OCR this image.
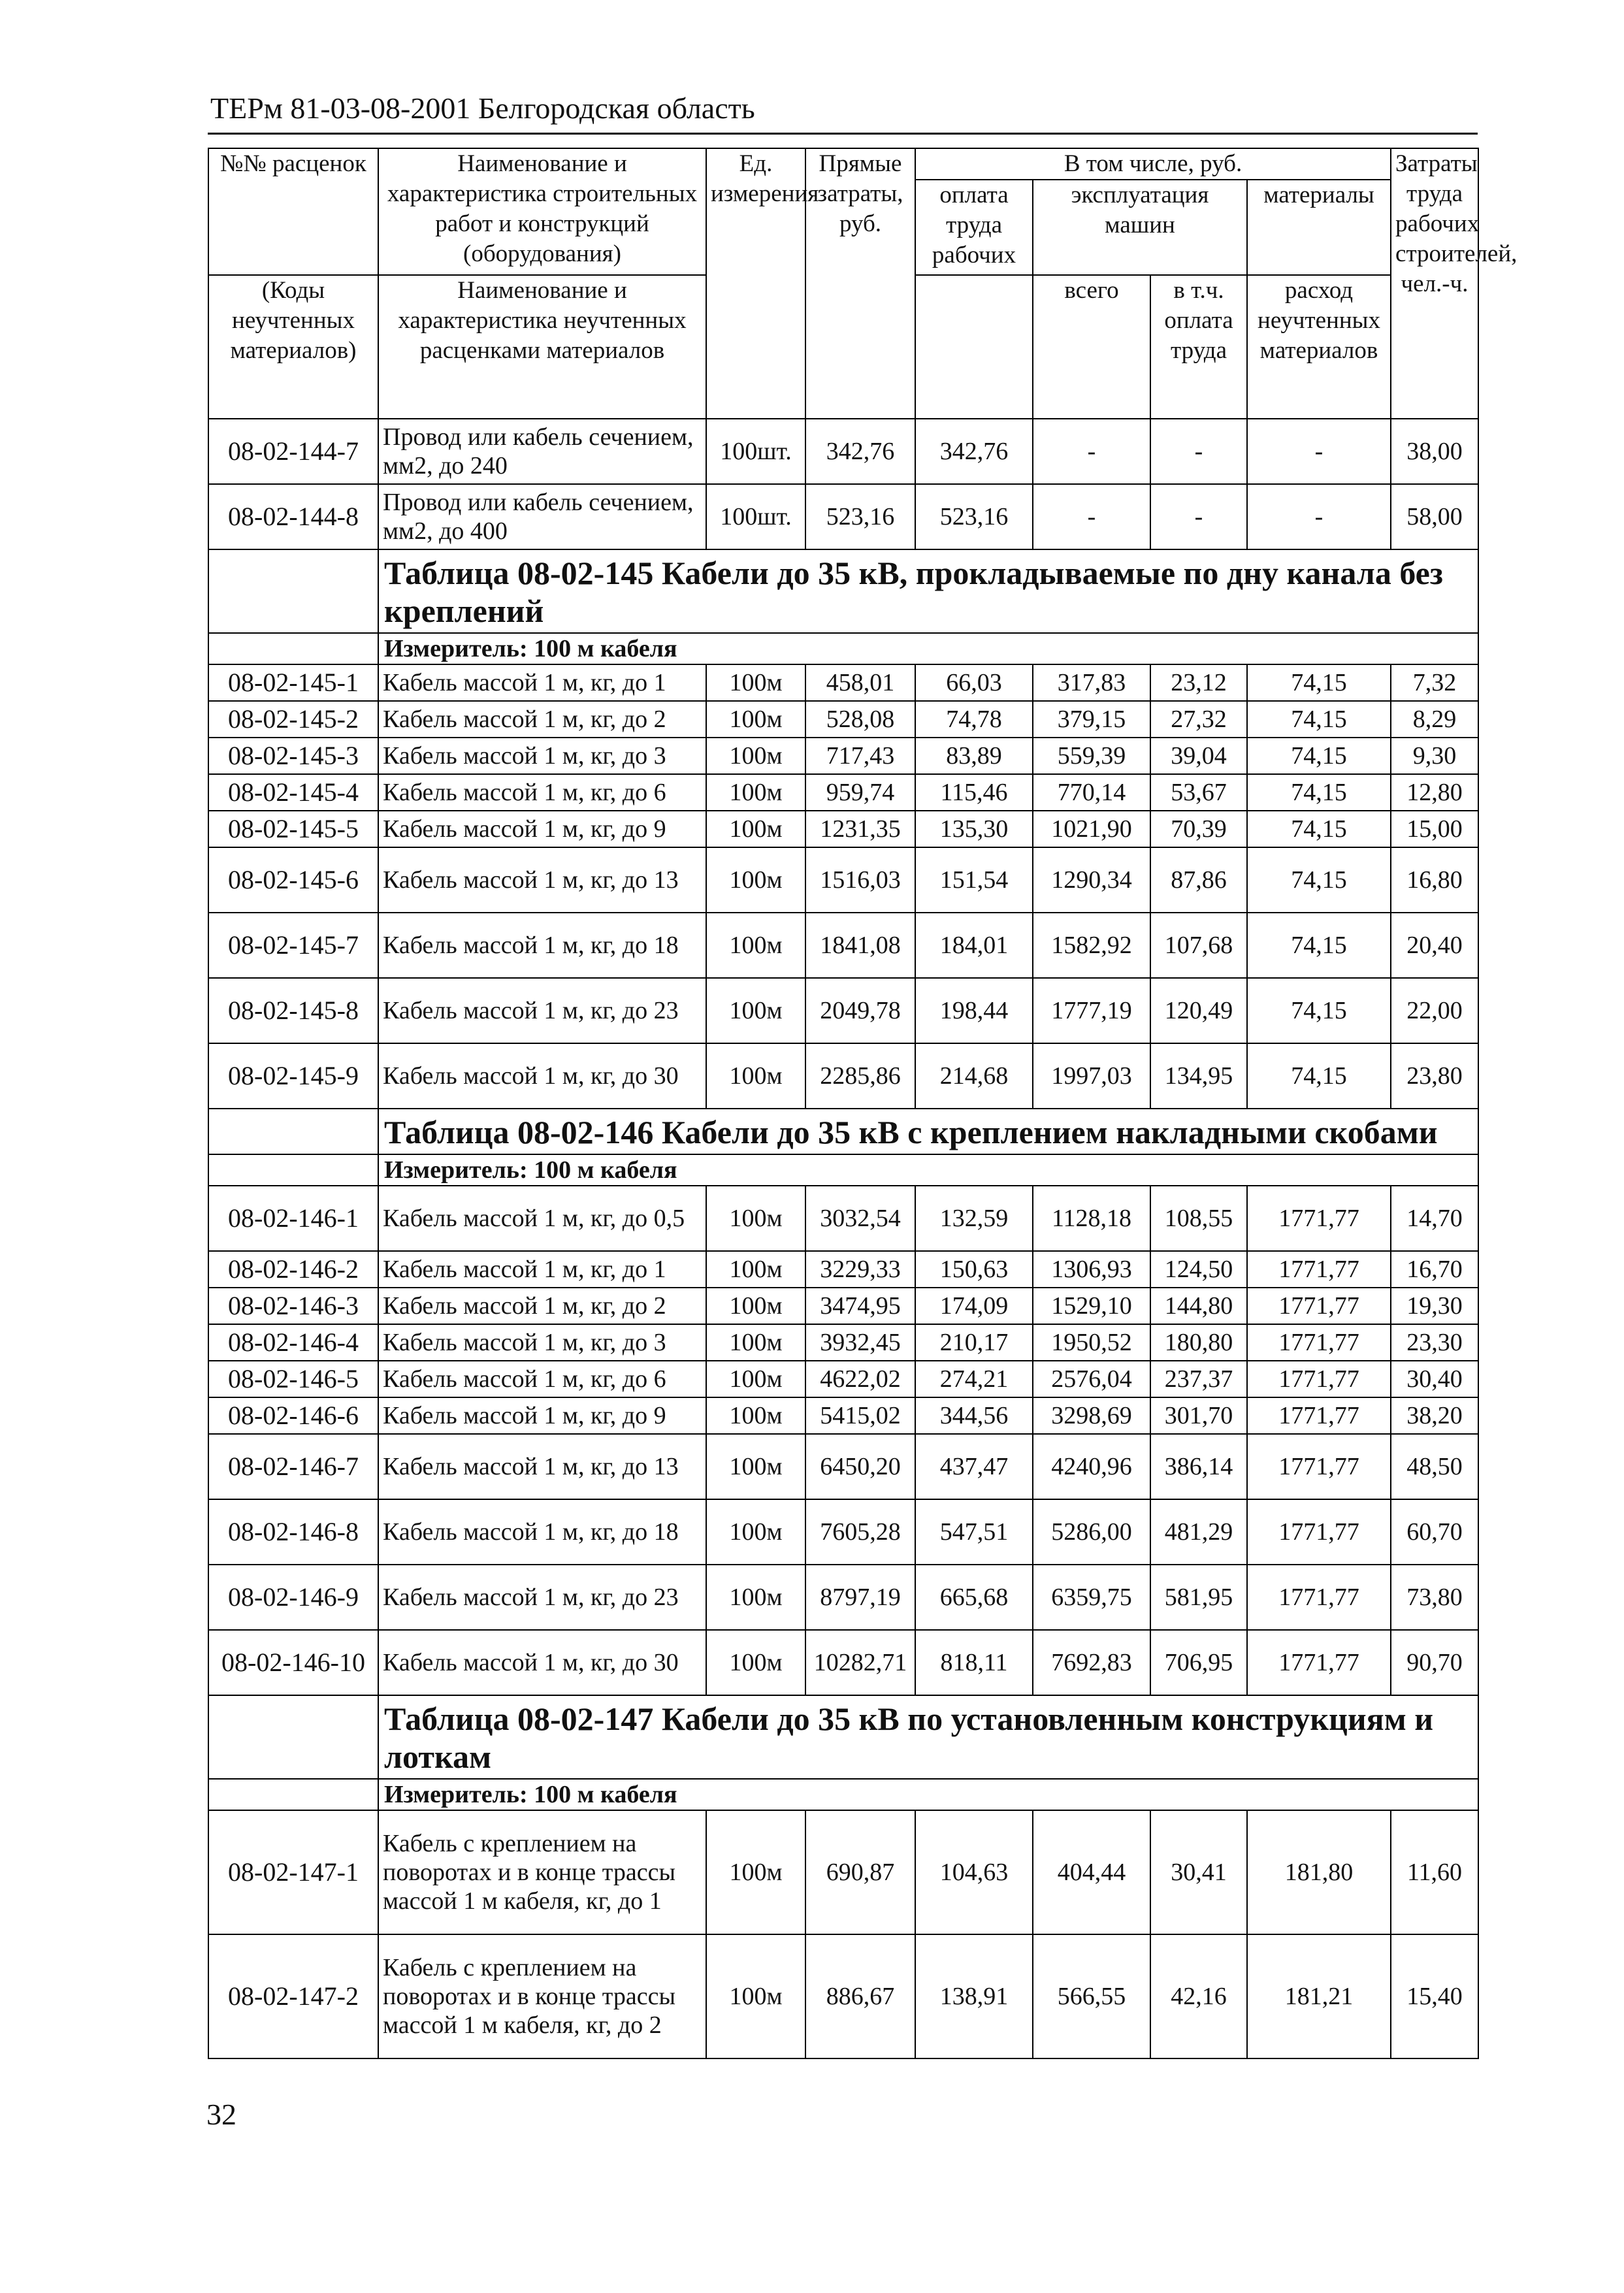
ТЕРм 81-03-08-2001 Белгородская область
№№ расценок	Наименование и характеристика строительных работ и конструкций (оборудования)	Ед. измерения	Прямые затраты, руб.	В том числе, руб.				Затраты труда рабочих строителей, чел.-ч.
				оплата труда рабочих	эксплуатация машин		материалы	

(Коды неучтенных материалов)	Наименование и характеристика неучтенных расценками материалов				всего	в т.ч. оплата труда	расход неучтенных материалов	

08-02-144-7	Провод или кабель сечением, мм2, до 240	100шт.	342,76	342,76	-	-	-	38,00
08-02-144-8	Провод или кабель сечением, мм2, до 400	100шт.	523,16	523,16	-	-	-	58,00
	Таблица 08-02-145 Кабели до 35 кВ, прокладываемые по дну канала без креплений							
	Измеритель: 100 м кабеля							
08-02-145-1	Кабель массой 1 м, кг, до 1	100м	458,01	66,03	317,83	23,12	74,15	7,32
08-02-145-2	Кабель массой 1 м, кг, до 2	100м	528,08	74,78	379,15	27,32	74,15	8,29
08-02-145-3	Кабель массой 1 м, кг, до 3	100м	717,43	83,89	559,39	39,04	74,15	9,30
08-02-145-4	Кабель массой 1 м, кг, до 6	100м	959,74	115,46	770,14	53,67	74,15	12,80
08-02-145-5	Кабель массой 1 м, кг, до 9	100м	1231,35	135,30	1021,90	70,39	74,15	15,00
08-02-145-6	Кабель массой 1 м, кг, до 13	100м	1516,03	151,54	1290,34	87,86	74,15	16,80
08-02-145-7	Кабель массой 1 м, кг, до 18	100м	1841,08	184,01	1582,92	107,68	74,15	20,40
08-02-145-8	Кабель массой 1 м, кг, до 23	100м	2049,78	198,44	1777,19	120,49	74,15	22,00
08-02-145-9	Кабель массой 1 м, кг, до 30	100м	2285,86	214,68	1997,03	134,95	74,15	23,80
	Таблица 08-02-146 Кабели до 35 кВ с креплением накладными скобами							
	Измеритель: 100 м кабеля							
08-02-146-1	Кабель массой 1 м, кг, до 0,5	100м	3032,54	132,59	1128,18	108,55	1771,77	14,70
08-02-146-2	Кабель массой 1 м, кг, до 1	100м	3229,33	150,63	1306,93	124,50	1771,77	16,70
08-02-146-3	Кабель массой 1 м, кг, до 2	100м	3474,95	174,09	1529,10	144,80	1771,77	19,30
08-02-146-4	Кабель массой 1 м, кг, до 3	100м	3932,45	210,17	1950,52	180,80	1771,77	23,30
08-02-146-5	Кабель массой 1 м, кг, до 6	100м	4622,02	274,21	2576,04	237,37	1771,77	30,40
08-02-146-6	Кабель массой 1 м, кг, до 9	100м	5415,02	344,56	3298,69	301,70	1771,77	38,20
08-02-146-7	Кабель массой 1 м, кг, до 13	100м	6450,20	437,47	4240,96	386,14	1771,77	48,50
08-02-146-8	Кабель массой 1 м, кг, до 18	100м	7605,28	547,51	5286,00	481,29	1771,77	60,70
08-02-146-9	Кабель массой 1 м, кг, до 23	100м	8797,19	665,68	6359,75	581,95	1771,77	73,80
08-02-146-10	Кабель массой 1 м, кг, до 30	100м	10282,71	818,11	7692,83	706,95	1771,77	90,70
	Таблица 08-02-147 Кабели до 35 кВ по установленным конструкциям и лоткам							
	Измеритель: 100 м кабеля							
08-02-147-1	Кабель с креплением на поворотах и в конце трассы массой 1 м кабеля, кг, до 1	100м	690,87	104,63	404,44	30,41	181,80	11,60
08-02-147-2	Кабель с креплением на поворотах и в конце трассы массой 1 м кабеля, кг, до 2	100м	886,67	138,91	566,55	42,16	181,21	15,40
32
